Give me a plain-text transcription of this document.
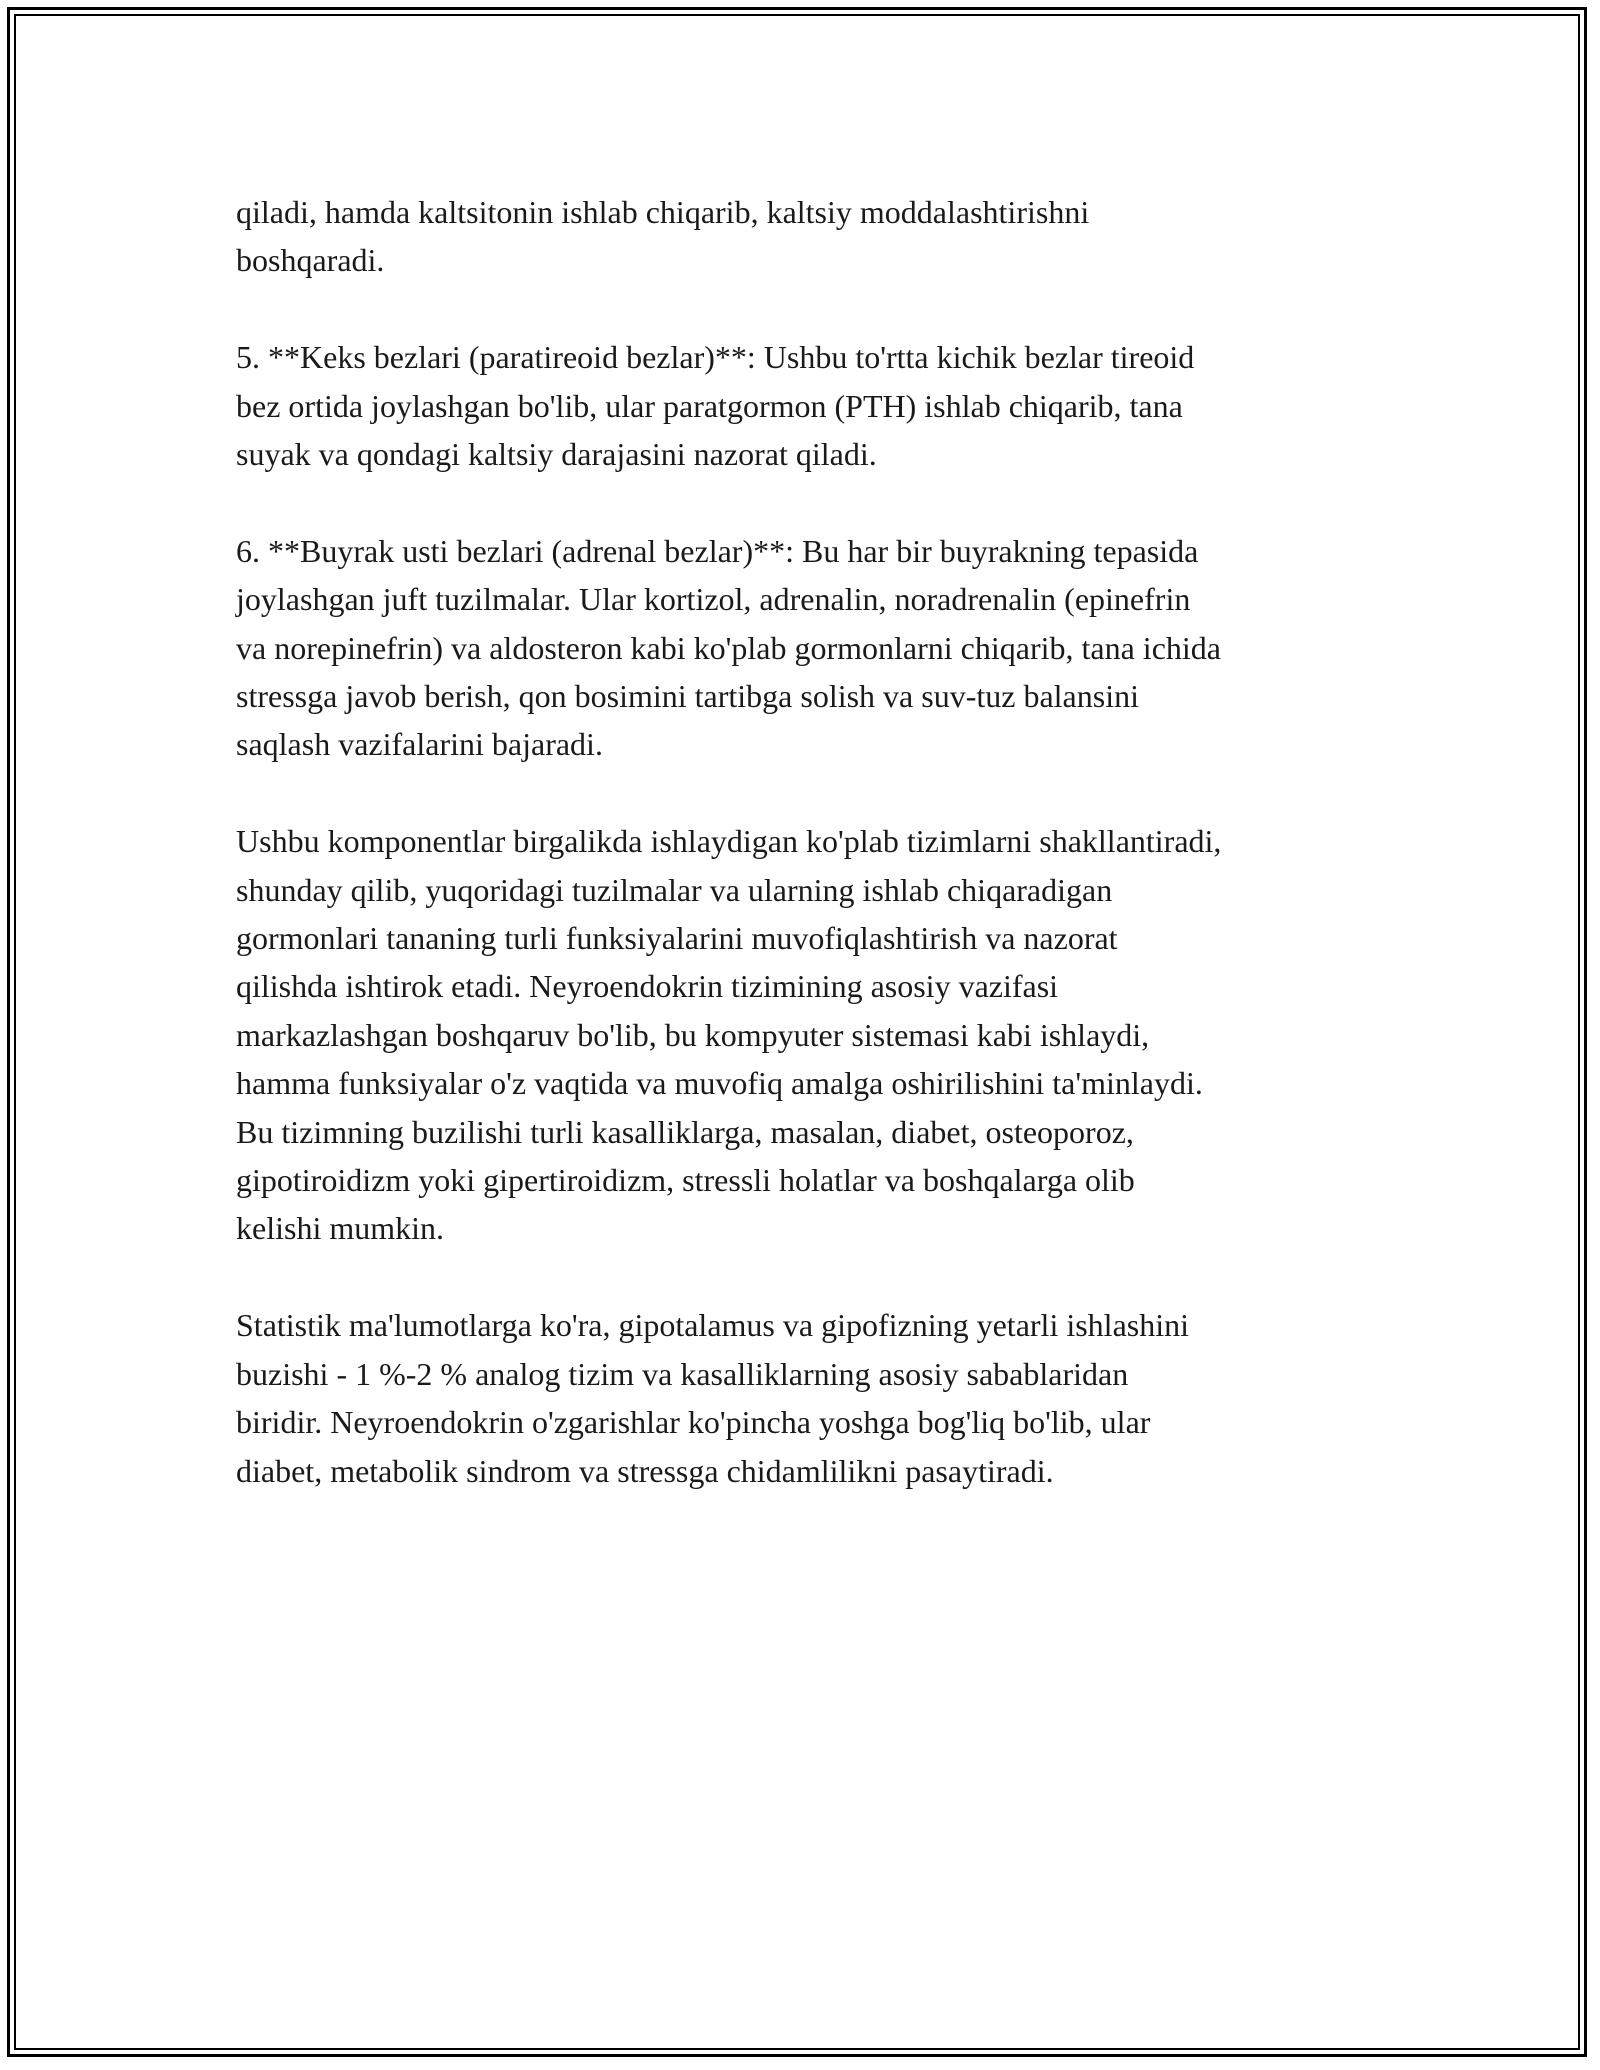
qiladi, hamda kaltsitonin ishlab chiqarib, kaltsiy moddalashtirishni
boshqaradi.

5. **Keks bezlari (paratireoid bezlar)**: Ushbu to'rtta kichik bezlar tireoid
bez ortida joylashgan bo'lib, ular paratgormon (PTH) ishlab chiqarib, tana
suyak va qondagi kaltsiy darajasini nazorat qiladi.

6. **Buyrak usti bezlari (adrenal bezlar)**: Bu har bir buyrakning tepasida
joylashgan juft tuzilmalar. Ular kortizol, adrenalin, noradrenalin (epinefrin
va norepinefrin) va aldosteron kabi ko'plab gormonlarni chiqarib, tana ichida
stressga javob berish, qon bosimini tartibga solish va suv-tuz balansini
saqlash vazifalarini bajaradi.

Ushbu komponentlar birgalikda ishlaydigan ko'plab tizimlarni shakllantiradi,
shunday qilib, yuqoridagi tuzilmalar va ularning ishlab chiqaradigan
gormonlari tananing turli funksiyalarini muvofiqlashtirish va nazorat
qilishda ishtirok etadi. Neyroendokrin tizimining asosiy vazifasi
markazlashgan boshqaruv bo'lib, bu kompyuter sistemasi kabi ishlaydi,
hamma funksiyalar o'z vaqtida va muvofiq amalga oshirilishini ta'minlaydi.
Bu tizimning buzilishi turli kasalliklarga, masalan, diabet, osteoporoz,
gipotiroidizm yoki gipertiroidizm, stressli holatlar va boshqalarga olib
kelishi mumkin.

Statistik ma'lumotlarga ko'ra, gipotalamus va gipofizning yetarli ishlashini
buzishi - 1 %-2 % analog tizim va kasalliklarning asosiy sabablaridan
biridir. Neyroendokrin o'zgarishlar ko'pincha yoshga bog'liq bo'lib, ular
diabet, metabolik sindrom va stressga chidamlilikni pasaytiradi.
